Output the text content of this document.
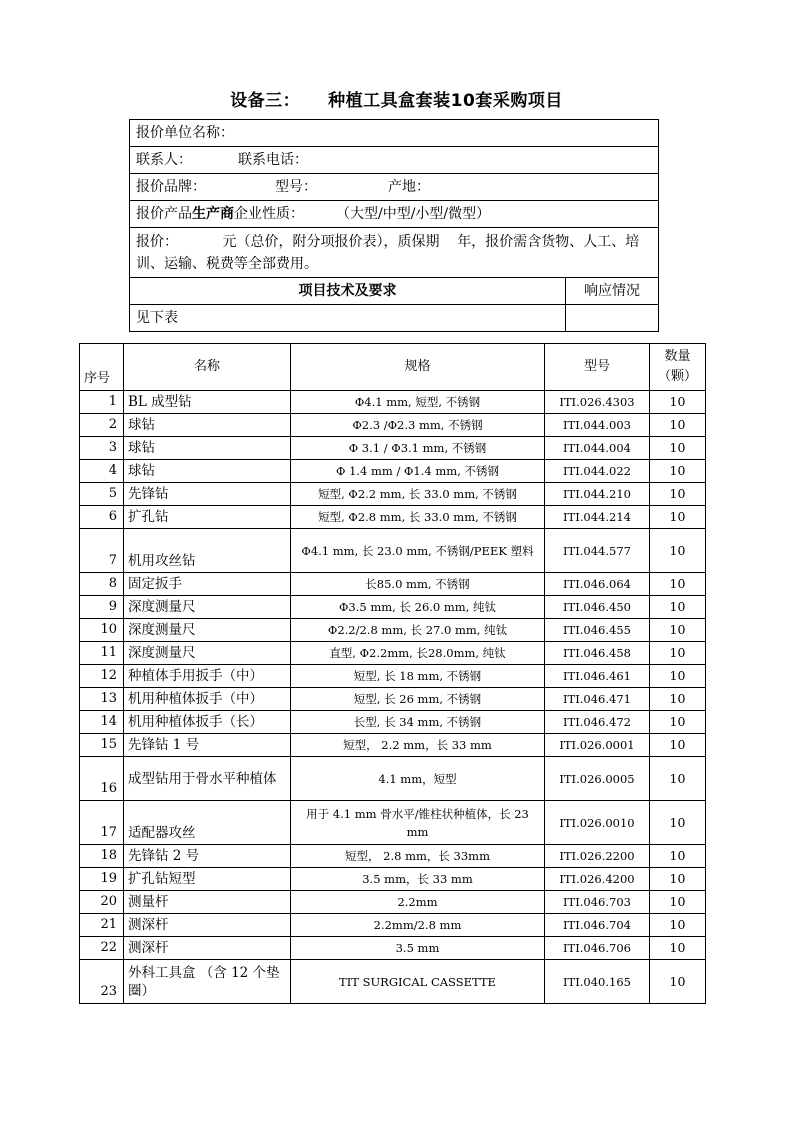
设备三： 种植工具盒套装10套采购项目
报价单位名称：	
联系人： 联系电话：	
报价品牌： 型号： 产地：	
报价产品生产商企业性质： （大型/中型/小型/微型）	
报价：          元（总价，附分项报价表），质保期    年，报价需含货物、人工、培训、运输、税费等全部费用。	
项目技术及要求	响应情况
见下表	
序号	名称	规格	型号	数量（颗）
1	BL 成型钻	Φ4.1 mm, 短型, 不锈钢	ITI.026.4303	10
2	球钻	Φ2.3 /Φ2.3 mm, 不锈钢	ITI.044.003	10
3	球钻	Φ 3.1 / Φ3.1 mm, 不锈钢	ITI.044.004	10
4	球钻	Φ 1.4 mm / Φ1.4 mm, 不锈钢	ITI.044.022	10
5	先锋钻	短型, Φ2.2 mm, 长 33.0 mm, 不锈钢	ITI.044.210	10
6	扩孔钻	短型, Φ2.8 mm, 长 33.0 mm, 不锈钢	ITI.044.214	10
7	机用攻丝钻	Φ4.1 mm, 长 23.0 mm, 不锈钢/PEEK 塑料	ITI.044.577	10
8	固定扳手	长85.0 mm, 不锈钢	ITI.046.064	10
9	深度测量尺	Φ3.5 mm, 长 26.0 mm, 纯钛	ITI.046.450	10
10	深度测量尺	Φ2.2/2.8 mm, 长 27.0 mm, 纯钛	ITI.046.455	10
11	深度测量尺	直型, Φ2.2mm, 长28.0mm, 纯钛	ITI.046.458	10
12	种植体手用扳手（中）	短型, 长 18 mm, 不锈钢	ITI.046.461	10
13	机用种植体扳手（中）	短型, 长 26 mm, 不锈钢	ITI.046.471	10
14	机用种植体扳手（长）	长型, 长 34 mm, 不锈钢	ITI.046.472	10
15	先锋钻 1 号	短型， 2.2 mm，长 33 mm	ITI.026.0001	10
16	成型钻用于骨水平种植体	4.1 mm，短型	ITI.026.0005	10
17	适配器攻丝	用于 4.1 mm 骨水平/锥柱状种植体，长 23 mm	ITI.026.0010	10
18	先锋钻 2 号	短型， 2.8 mm，长 33mm	ITI.026.2200	10
19	扩孔钻短型	3.5 mm，长 33 mm	ITI.026.4200	10
20	测量杆	2.2mm	ITI.046.703	10
21	测深杆	2.2mm/2.8 mm	ITI.046.704	10
22	测深杆	3.5 mm	ITI.046.706	10
23	外科工具盒 （含 12 个垫圈）	TIT SURGICAL CASSETTE	ITI.040.165	10
